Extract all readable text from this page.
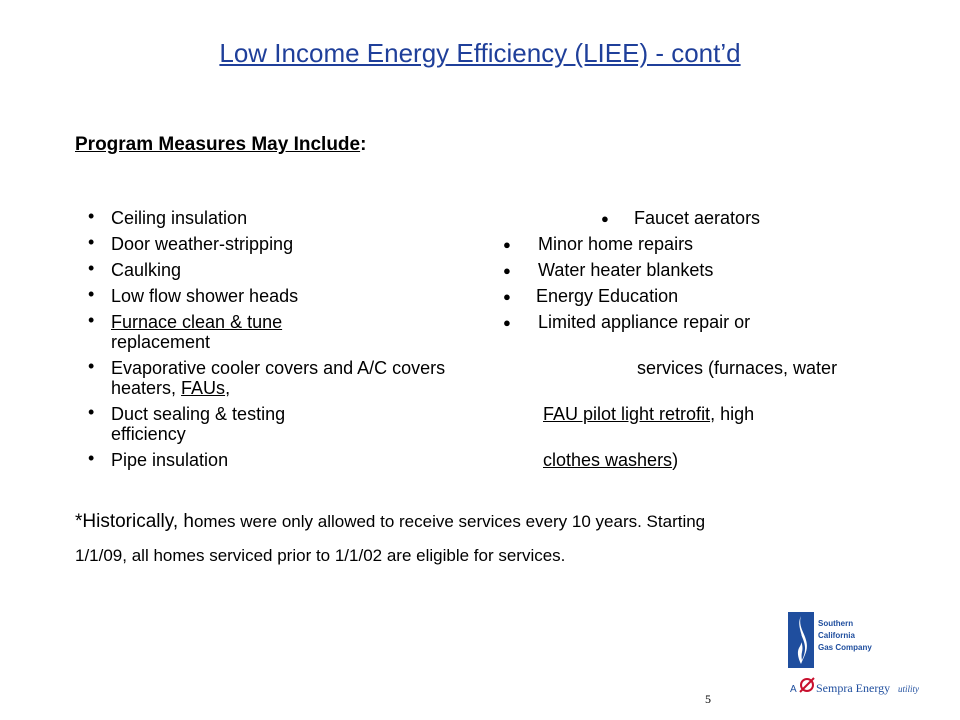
Low Income Energy Efficiency (LIEE) - cont’d
Program Measures May Include:
• Ceiling insulation
• Door weather-stripping
• Caulking
• Low flow shower heads
• Furnace clean & tune
replacement
• Evaporative cooler covers and A/C covers
heaters, FAUs,
• Duct sealing & testing
efficiency
• Pipe insulation
● Faucet aerators
● Minor home repairs
● Water heater blankets
● Energy Education
● Limited appliance repair or
services (furnaces, water
FAU pilot light retrofit, high
clothes washers)
*Historically, homes were only allowed to receive services every 10 years. Starting
1/1/09, all homes serviced prior to 1/1/02 are eligible for services.
Southern
California
Gas Company
A Sempra Energy utility
5
